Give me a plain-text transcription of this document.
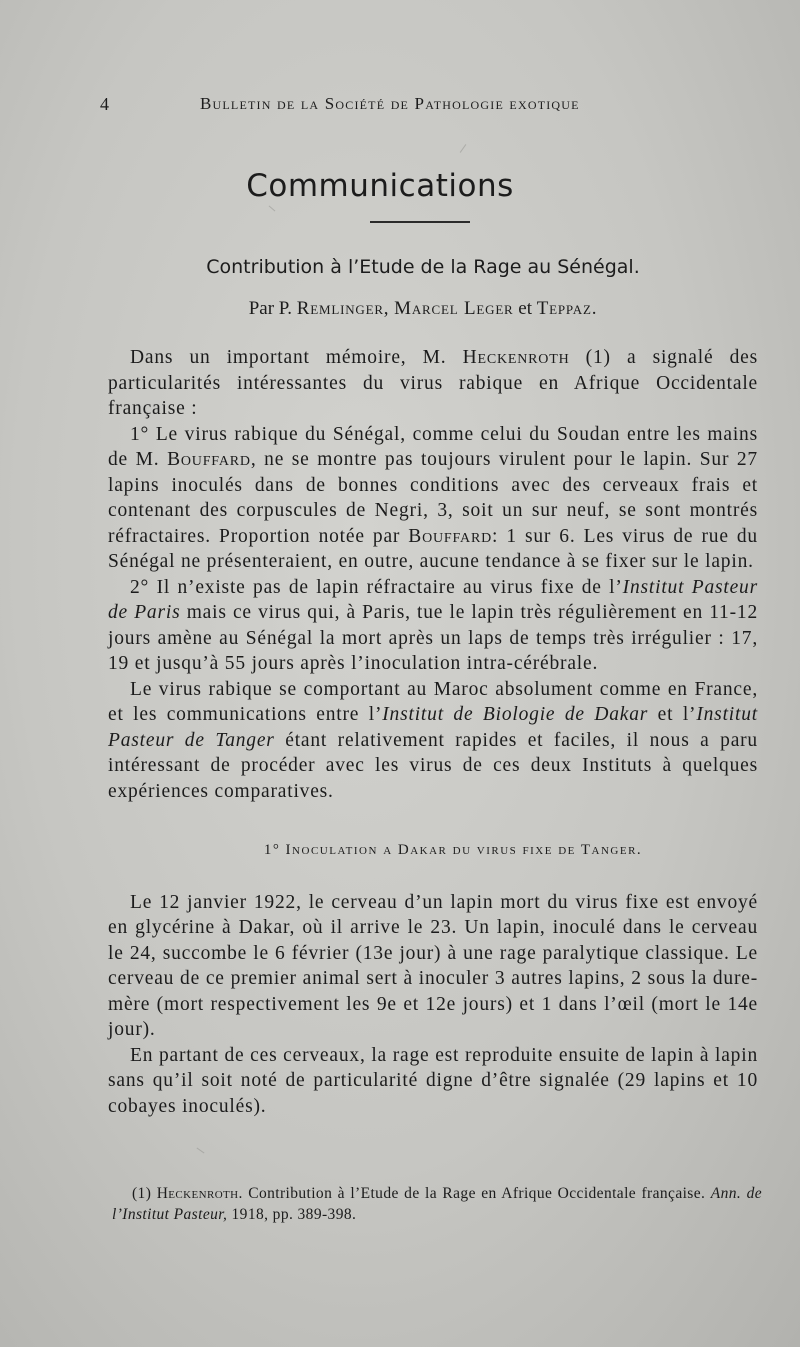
4	Bulletin de la Société de Pathologie exotique
Communications
Contribution à l’Etude de la Rage au Sénégal.
Par P. Remlinger, Marcel Leger et Teppaz.

Dans un important mémoire, M. Heckenroth (1) a signalé des particularités intéressantes du virus rabique en Afrique Occidentale française :

1° Le virus rabique du Sénégal, comme celui du Soudan entre les mains de M. Bouffard, ne se montre pas toujours virulent pour le lapin. Sur 27 lapins inoculés dans de bonnes conditions avec des cerveaux frais et contenant des corpuscules de Negri, 3, soit un sur neuf, se sont montrés réfractaires. Proportion notée par Bouffard: 1 sur 6. Les virus de rue du Sénégal ne présenteraient, en outre, aucune tendance à se fixer sur le lapin.

2° Il n’existe pas de lapin réfractaire au virus fixe de l’Institut Pasteur de Paris mais ce virus qui, à Paris, tue le lapin très régulièrement en 11-12 jours amène au Sénégal la mort après un laps de temps très irrégulier : 17, 19 et jusqu’à 55 jours après l’inoculation intra-cérébrale.

Le virus rabique se comportant au Maroc absolument comme en France, et les communications entre l’Institut de Biologie de Dakar et l’Institut Pasteur de Tanger étant relativement rapides et faciles, il nous a paru intéressant de procéder avec les virus de ces deux Instituts à quelques expériences comparatives.

1° Inoculation a Dakar du virus fixe de Tanger.

Le 12 janvier 1922, le cerveau d’un lapin mort du virus fixe est envoyé en glycérine à Dakar, où il arrive le 23. Un lapin, inoculé dans le cerveau le 24, succombe le 6 février (13e jour) à une rage paralytique classique. Le cerveau de ce premier animal sert à inoculer 3 autres lapins, 2 sous la dure-mère (mort respectivement les 9e et 12e jours) et 1 dans l’œil (mort le 14e jour).

En partant de ces cerveaux, la rage est reproduite ensuite de lapin à lapin sans qu’il soit noté de particularité digne d’être signalée (29 lapins et 10 cobayes inoculés).

(1) Heckenroth. Contribution à l’Etude de la Rage en Afrique Occidentale française. Ann. de l’Institut Pasteur, 1918, pp. 389-398.
